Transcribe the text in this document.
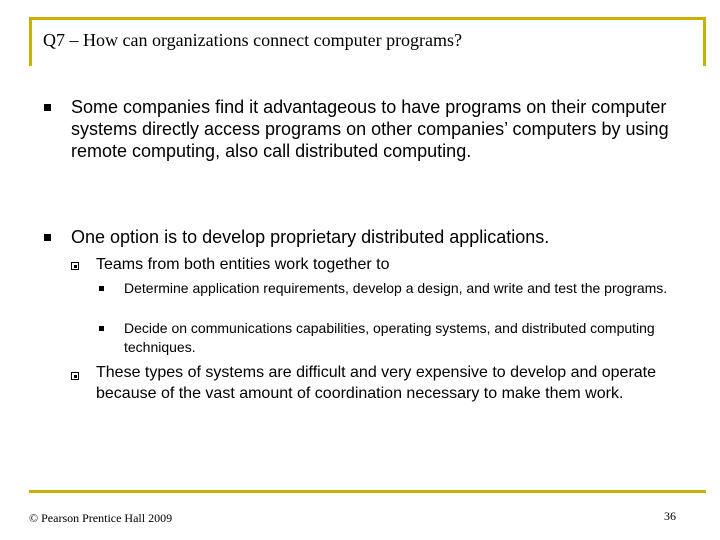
Q7 – How can organizations connect computer programs?
Some companies find it advantageous to have programs on their computer systems directly access programs on other companies’ computers by using remote computing, also call distributed computing.
One option is to develop proprietary distributed applications.
Teams from both entities work together to
Determine application requirements, develop a design, and write and test the programs.
Decide on communications capabilities, operating systems, and distributed computing techniques.
These types of systems are difficult and very expensive to develop and operate because of the vast amount of coordination necessary to make them work.
© Pearson Prentice Hall 2009	36
